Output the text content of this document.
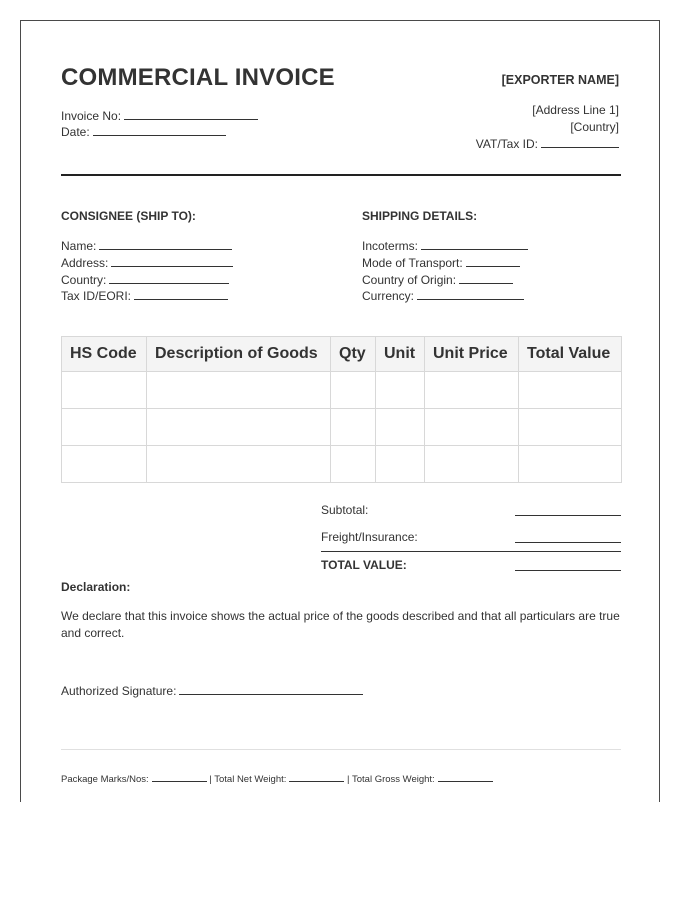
COMMERCIAL INVOICE	[EXPORTER NAME]
[Address Line 1]
[Country]
VAT/Tax ID:
Invoice No:
Date:
CONSIGNEE (SHIP TO):
Name:
Address:
Country:
Tax ID/EORI:
SHIPPING DETAILS:
Incoterms:
Mode of Transport:
Country of Origin:
Currency:
HS Code	Description of Goods	Qty	Unit	Unit Price	Total Value

Subtotal:
Freight/Insurance:
TOTAL VALUE:
Declaration:
We declare that this invoice shows the actual price of the goods described and that all particulars are true and correct.
Authorized Signature:
Package Marks/Nos:	| Total Net Weight:	| Total Gross Weight:
